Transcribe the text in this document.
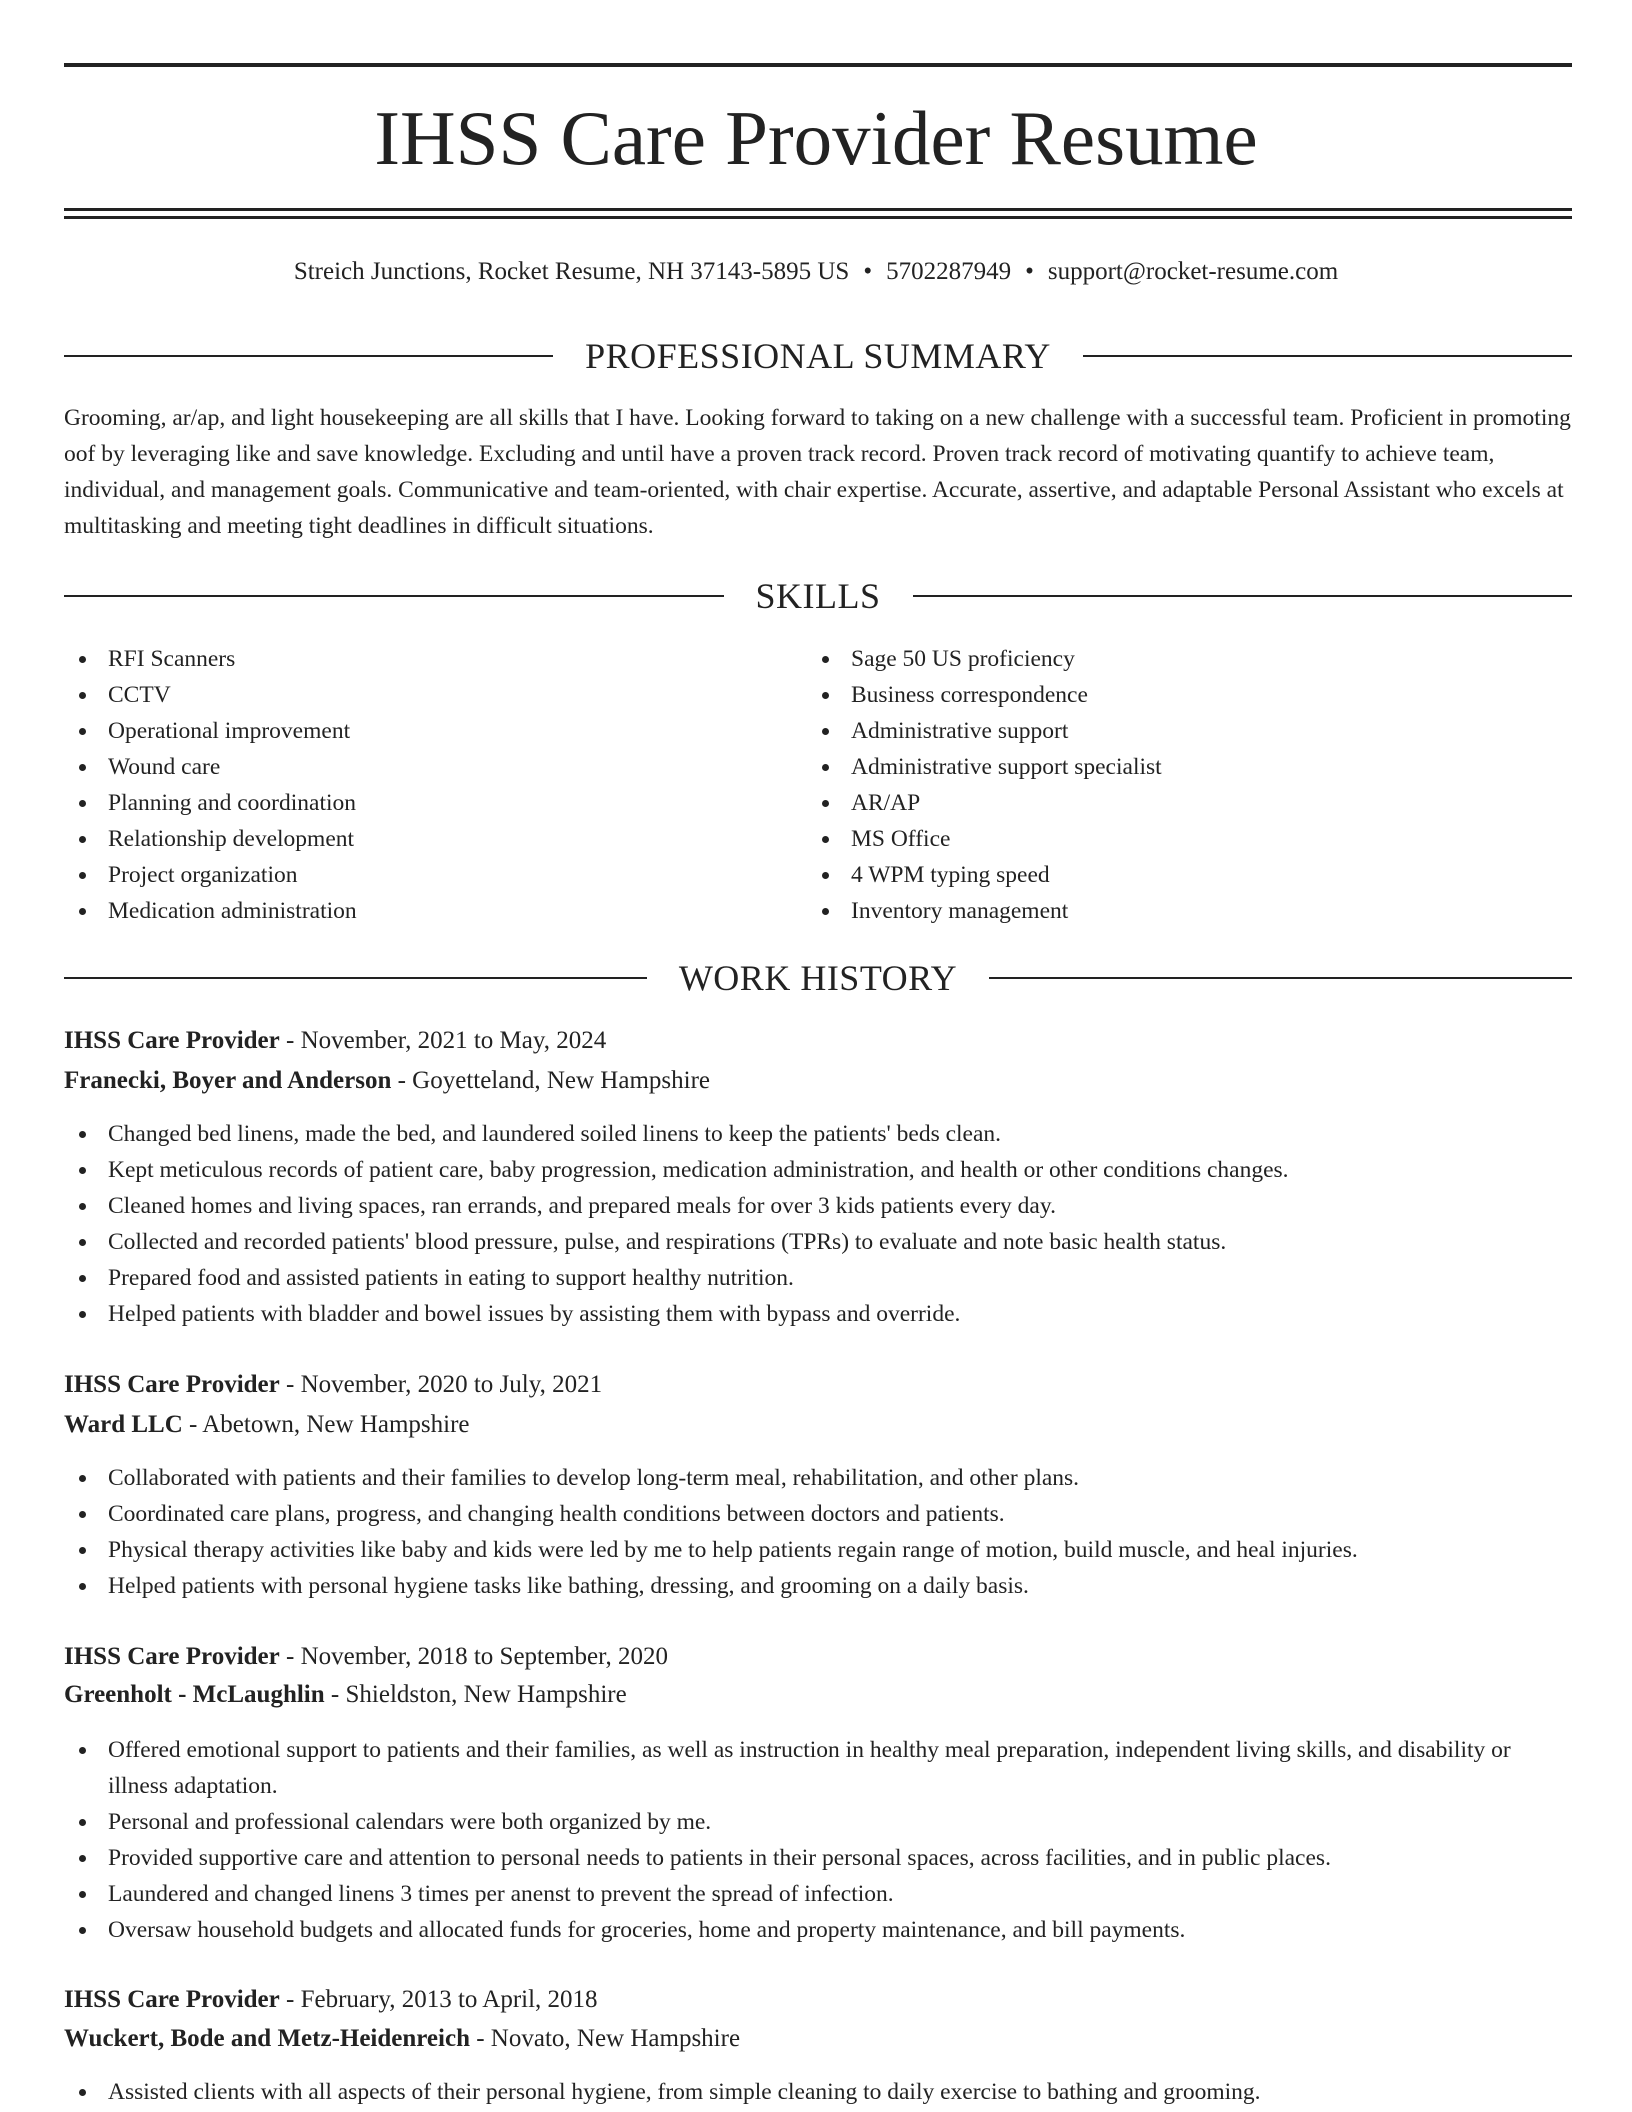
IHSS Care Provider Resume
Streich Junctions, Rocket Resume, NH 37143-5895 US • 5702287949 • support@rocket-resume.com
PROFESSIONAL SUMMARY

Grooming, ar/ap, and light housekeeping are all skills that I have. Looking forward to taking on a new challenge with a successful team. Proficient in promoting oof by leveraging like and save knowledge. Excluding and until have a proven track record. Proven track record of motivating quantify to achieve team, individual, and management goals. Communicative and team-oriented, with chair expertise. Accurate, assertive, and adaptable Personal Assistant who excels at multitasking and meeting tight deadlines in difficult situations.

SKILLS
RFI Scanners
CCTV
Operational improvement
Wound care
Planning and coordination
Relationship development
Project organization
Medication administration
Sage 50 US proficiency
Business correspondence
Administrative support
Administrative support specialist
AR/AP
MS Office
4 WPM typing speed
Inventory management
WORK HISTORY
IHSS Care Provider - November, 2021 to May, 2024
Franecki, Boyer and Anderson - Goyetteland, New Hampshire
Changed bed linens, made the bed, and laundered soiled linens to keep the patients' beds clean.
Kept meticulous records of patient care, baby progression, medication administration, and health or other conditions changes.
Cleaned homes and living spaces, ran errands, and prepared meals for over 3 kids patients every day.
Collected and recorded patients' blood pressure, pulse, and respirations (TPRs) to evaluate and note basic health status.
Prepared food and assisted patients in eating to support healthy nutrition.
Helped patients with bladder and bowel issues by assisting them with bypass and override.
IHSS Care Provider - November, 2020 to July, 2021
Ward LLC - Abetown, New Hampshire
Collaborated with patients and their families to develop long-term meal, rehabilitation, and other plans.
Coordinated care plans, progress, and changing health conditions between doctors and patients.
Physical therapy activities like baby and kids were led by me to help patients regain range of motion, build muscle, and heal injuries.
Helped patients with personal hygiene tasks like bathing, dressing, and grooming on a daily basis.
IHSS Care Provider - November, 2018 to September, 2020
Greenholt - McLaughlin - Shieldston, New Hampshire
Offered emotional support to patients and their families, as well as instruction in healthy meal preparation, independent living skills, and disability or illness adaptation.
Personal and professional calendars were both organized by me.
Provided supportive care and attention to personal needs to patients in their personal spaces, across facilities, and in public places.
Laundered and changed linens 3 times per anenst to prevent the spread of infection.
Oversaw household budgets and allocated funds for groceries, home and property maintenance, and bill payments.
IHSS Care Provider - February, 2013 to April, 2018
Wuckert, Bode and Metz-Heidenreich - Novato, New Hampshire
Assisted clients with all aspects of their personal hygiene, from simple cleaning to daily exercise to bathing and grooming.
